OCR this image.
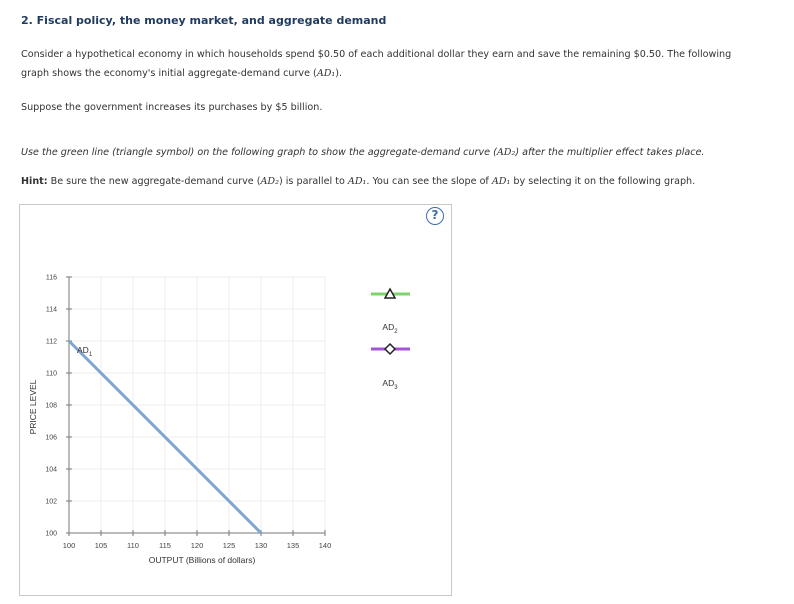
2. Fiscal policy, the money market, and aggregate demand
Consider a hypothetical economy in which households spend $0.50 of each additional dollar they earn and save the remaining $0.50. The following
graph shows the economy's initial aggregate-demand curve (AD₁).
Suppose the government increases its purchases by $5 billion.
Use the green line (triangle symbol) on the following graph to show the aggregate-demand curve (AD₂) after the multiplier effect takes place.
Hint: Be sure the new aggregate-demand curve (AD₂) is parallel to AD₁. You can see the slope of AD₁ by selecting it on the following graph.
?
100
102
104
106
108
110
112
114
116
100	105	110	115	120	125	130	135	140
OUTPUT (Billions of dollars)
PRICE LEVEL
$AD_1$
$AD_2$
$AD_3$
